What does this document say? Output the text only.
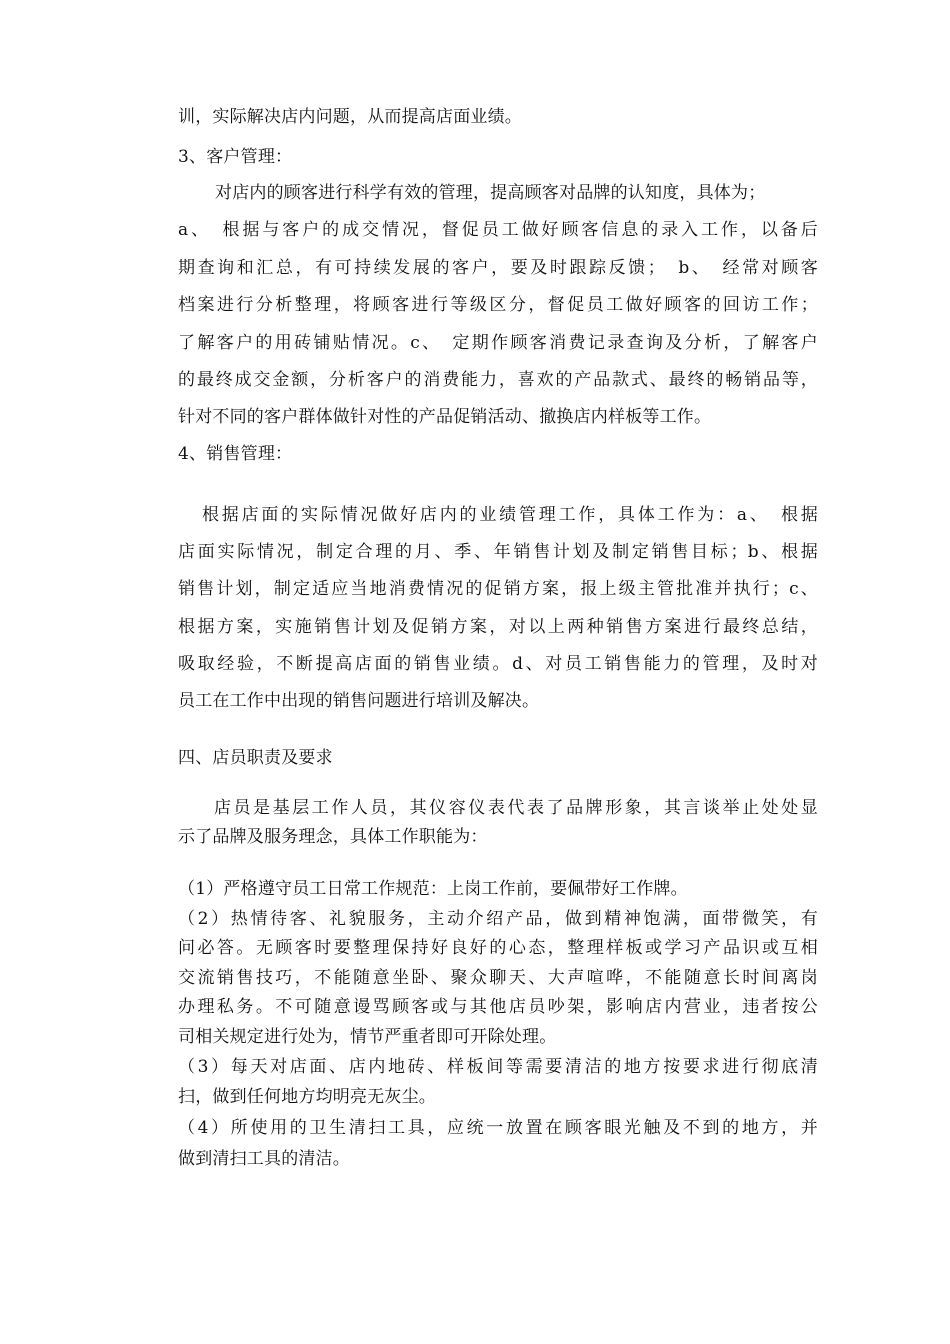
训，实际解决店内问题，从而提高店面业绩。
3、客户管理：
对店内的顾客进行科学有效的管理，提高顾客对品牌的认知度，具体为；
a、　根据与客户的成交情况，督促员工做好顾客信息的录入工作，以备后
期查询和汇总，有可持续发展的客户，要及时跟踪反馈；　b、　经常对顾客
档案进行分析整理，将顾客进行等级区分，督促员工做好顾客的回访工作；
了解客户的用砖铺贴情况。c、　定期作顾客消费记录查询及分析，了解客户
的最终成交金额，分析客户的消费能力，喜欢的产品款式、最终的畅销品等，
针对不同的客户群体做针对性的产品促销活动、撤换店内样板等工作。
4、销售管理：
根据店面的实际情况做好店内的业绩管理工作，具体工作为：a、　根据
店面实际情况，制定合理的月、季、年销售计划及制定销售目标；b、根据
销售计划，制定适应当地消费情况的促销方案，报上级主管批准并执行；c、
根据方案，实施销售计划及促销方案，对以上两种销售方案进行最终总结，
吸取经验，不断提高店面的销售业绩。d、对员工销售能力的管理，及时对
员工在工作中出现的销售问题进行培训及解决。
四、店员职责及要求
店员是基层工作人员，其仪容仪表代表了品牌形象，其言谈举止处处显
示了品牌及服务理念，具体工作职能为：
（1）严格遵守员工日常工作规范：上岗工作前，要佩带好工作牌。
（2）热情待客、礼貌服务，主动介绍产品，做到精神饱满，面带微笑，有
问必答。无顾客时要整理保持好良好的心态，整理样板或学习产品识或互相
交流销售技巧，不能随意坐卧、聚众聊天、大声喧哗，不能随意长时间离岗
办理私务。不可随意谩骂顾客或与其他店员吵架，影响店内营业，违者按公
司相关规定进行处为，情节严重者即可开除处理。
（3）每天对店面、店内地砖、样板间等需要清洁的地方按要求进行彻底清
扫，做到任何地方均明亮无灰尘。
（4）所使用的卫生清扫工具，应统一放置在顾客眼光触及不到的地方，并
做到清扫工具的清洁。
